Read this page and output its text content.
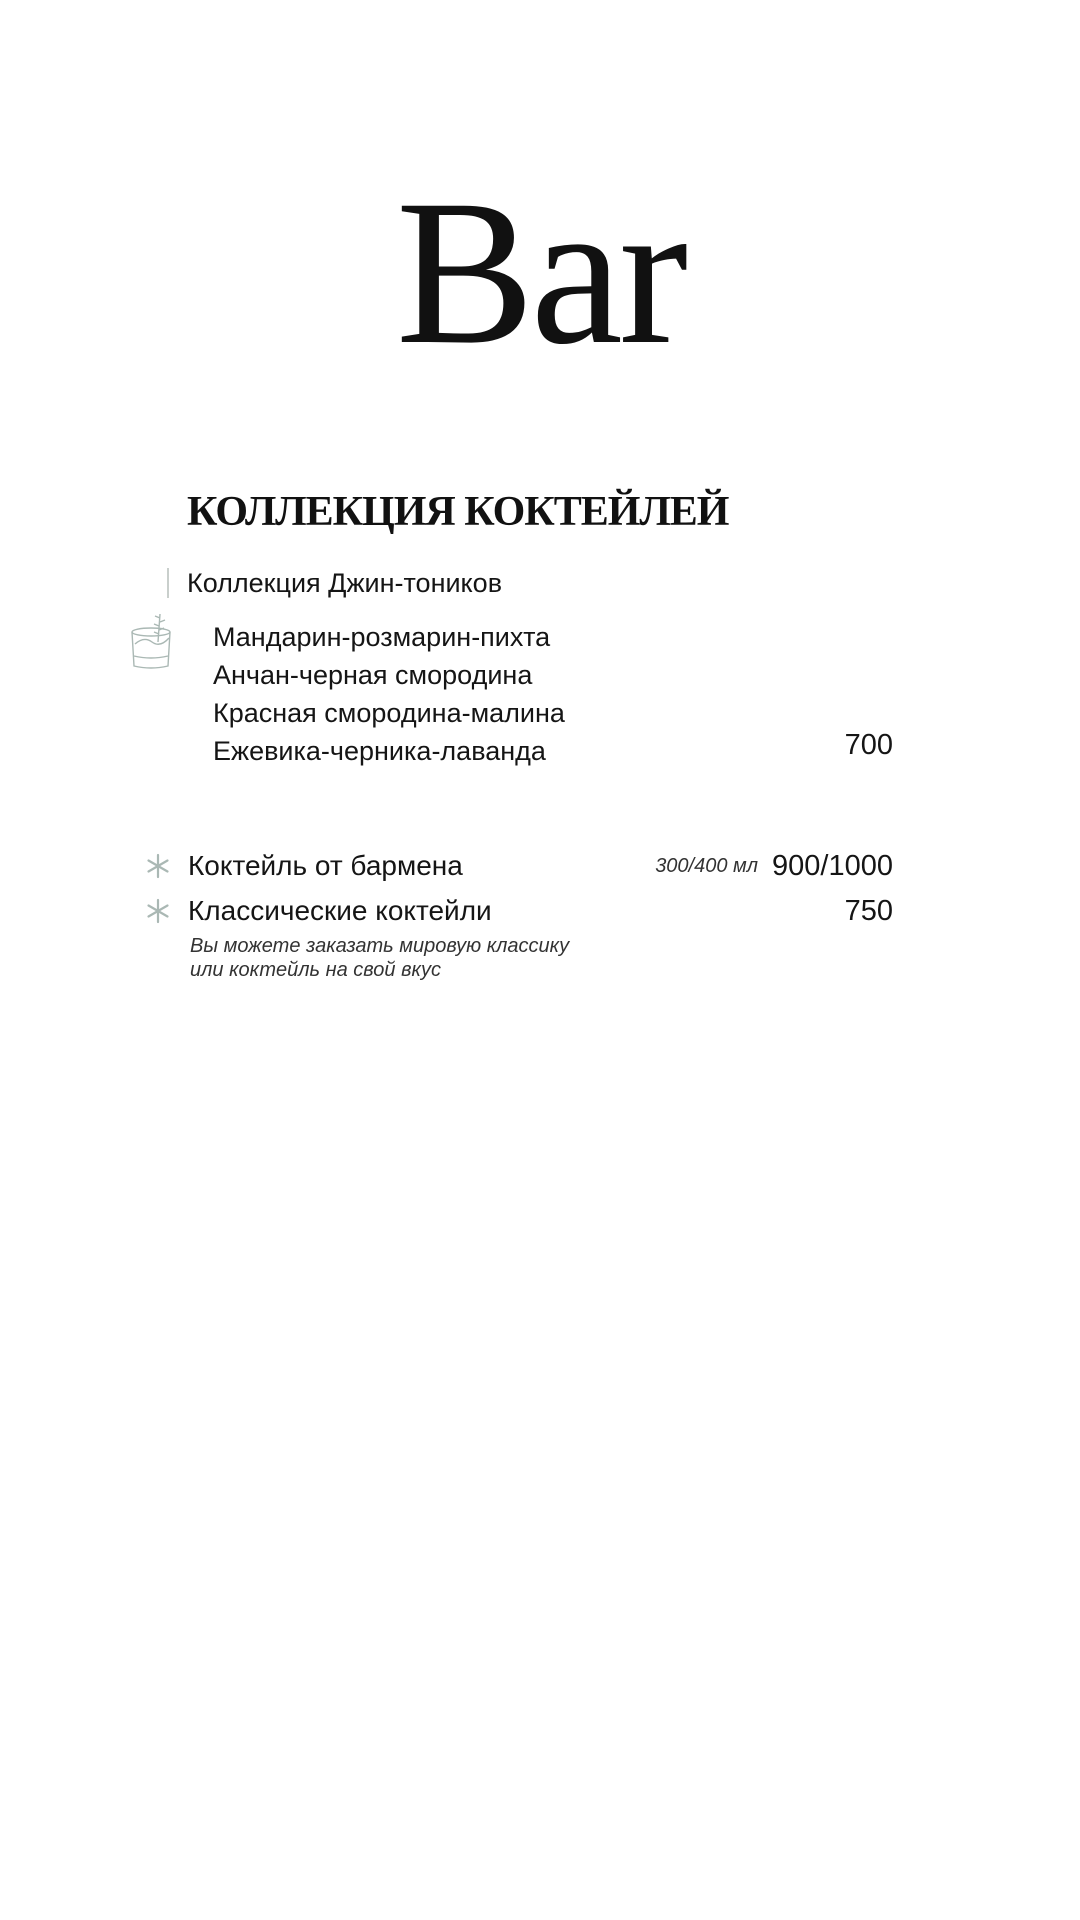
Bar
КОЛЛЕКЦИЯ КОКТЕЙЛЕЙ
Коллекция Джин-тоников
Мандарин-розмарин-пихта
Анчан-черная смородина
Красная смородина-малина
Ежевика-черника-лаванда	700
Коктейль от бармена	300/400 мл 900/1000
Классические коктейли	750
Вы можете заказать мировую классику
или коктейль на свой вкус
